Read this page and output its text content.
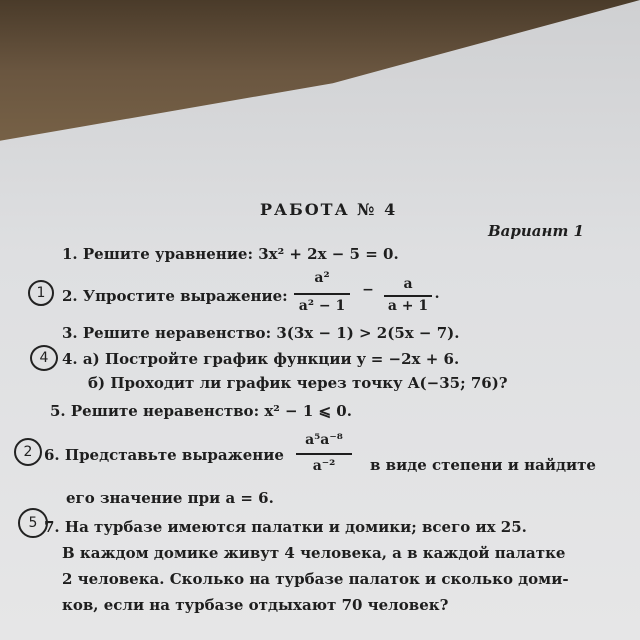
РАБОТА № 4
Вариант 1
1. Решите уравнение: 3x² + 2x − 5 = 0.
2. Упростите выражение:
a²
a² − 1
−	a
a + 1
.
3. Решите неравенство: 3(3x − 1) > 2(5x − 7).
4. а) Постройте график функции y = −2x + 6.
б) Проходит ли график через точку A(−35; 76)?
5. Решите неравенство: x² − 1 ⩽ 0.
6. Представьте выражение
a⁵a⁻⁸
a⁻²	в виде степени и найдите
его значение при a = 6.
7. На турбазе имеются палатки и домики; всего их 25.
В каждом домике живут 4 человека, а в каждой палатке
2 человека. Сколько на турбазе палаток и сколько доми-
ков, если на турбазе отдыхают 70 человек?
1
4
2
5
